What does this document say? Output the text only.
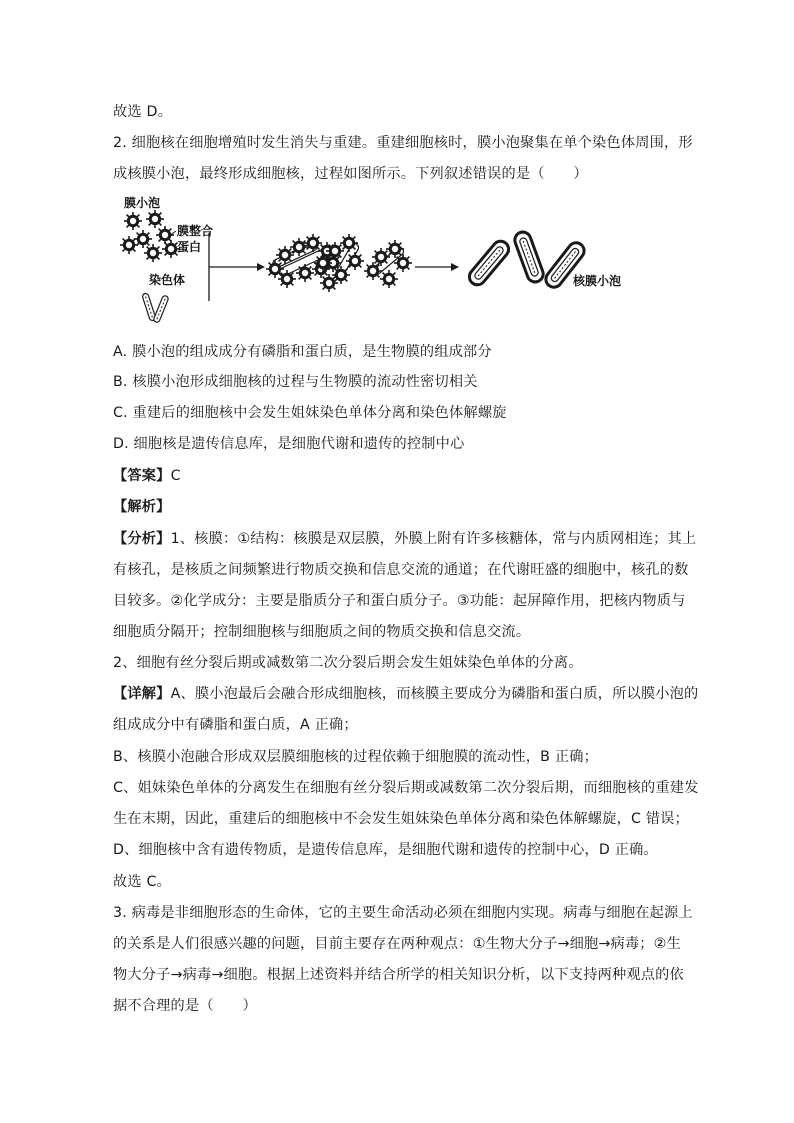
故选 D。
2. 细胞核在细胞增殖时发生消失与重建。重建细胞核时，膜小泡聚集在单个染色体周围，形
成核膜小泡，最终形成细胞核，过程如图所示。下列叙述错误的是（　　）
膜小泡
膜整合
蛋白
染色体	核膜小泡
A. 膜小泡的组成成分有磷脂和蛋白质，是生物膜的组成部分
B. 核膜小泡形成细胞核的过程与生物膜的流动性密切相关
C. 重建后的细胞核中会发生姐妹染色单体分离和染色体解螺旋
D. 细胞核是遗传信息库，是细胞代谢和遗传的控制中心
【答案】C
【解析】
【分析】1、核膜：①结构：核膜是双层膜，外膜上附有许多核糖体，常与内质网相连；其上
有核孔，是核质之间频繁进行物质交换和信息交流的通道；在代谢旺盛的细胞中，核孔的数
目较多。②化学成分：主要是脂质分子和蛋白质分子。③功能：起屏障作用，把核内物质与
细胞质分隔开；控制细胞核与细胞质之间的物质交换和信息交流。
2、细胞有丝分裂后期或减数第二次分裂后期会发生姐妹染色单体的分离。
【详解】A、膜小泡最后会融合形成细胞核，而核膜主要成分为磷脂和蛋白质，所以膜小泡的
组成成分中有磷脂和蛋白质，A 正确；
B、核膜小泡融合形成双层膜细胞核的过程依赖于细胞膜的流动性，B 正确；
C、姐妹染色单体的分离发生在细胞有丝分裂后期或减数第二次分裂后期，而细胞核的重建发
生在末期，因此，重建后的细胞核中不会发生姐妹染色单体分离和染色体解螺旋，C 错误；
D、细胞核中含有遗传物质，是遗传信息库，是细胞代谢和遗传的控制中心，D 正确。
故选 C。
3. 病毒是非细胞形态的生命体，它的主要生命活动必须在细胞内实现。病毒与细胞在起源上
的关系是人们很感兴趣的问题，目前主要存在两种观点：①生物大分子→细胞→病毒；②生
物大分子→病毒→细胞。根据上述资料并结合所学的相关知识分析，以下支持两种观点的依
据不合理的是（　　）
